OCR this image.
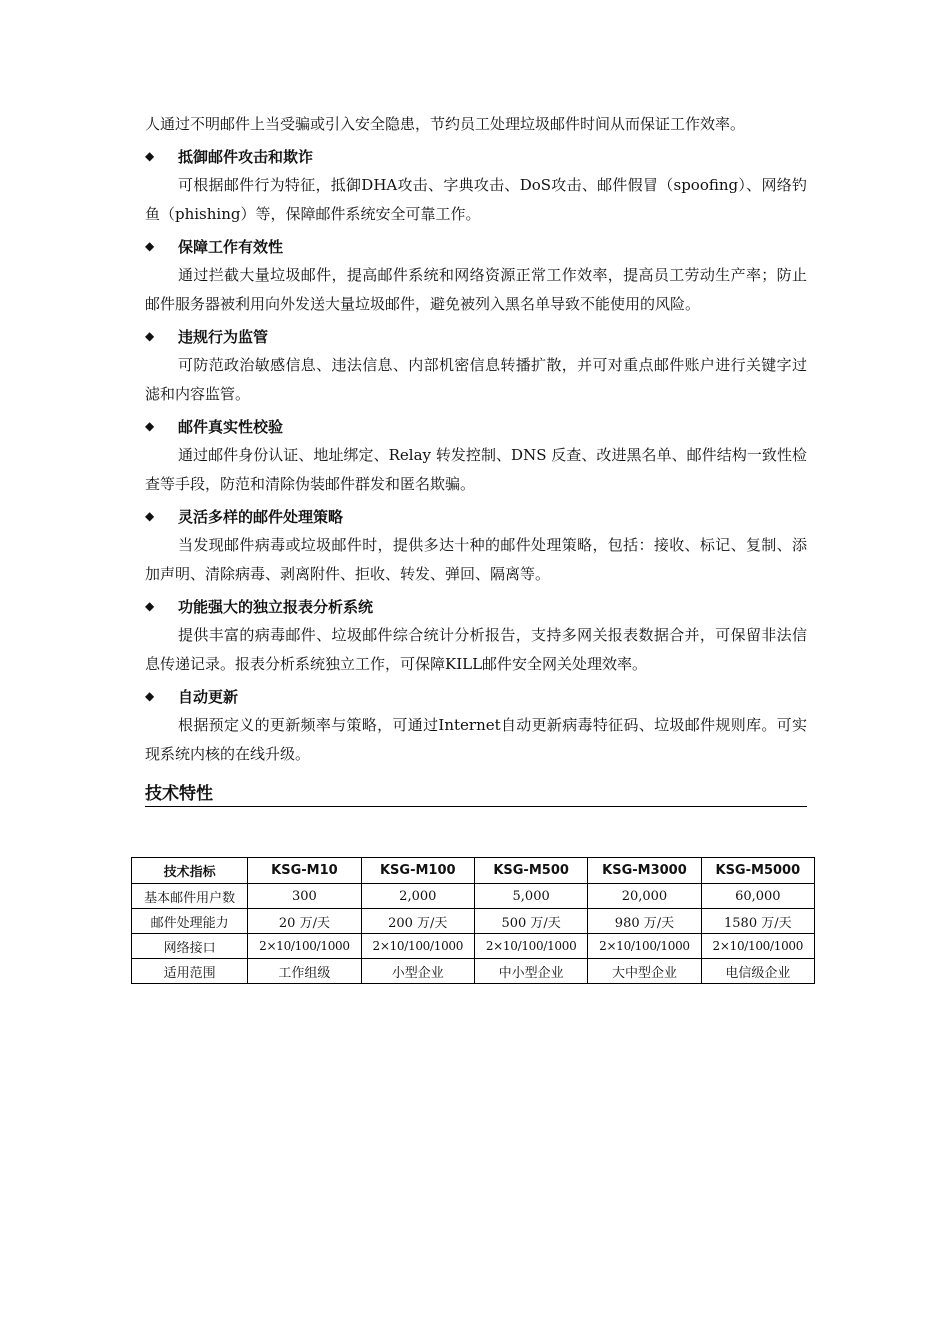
人通过不明邮件上当受骗或引入安全隐患，节约员工处理垃圾邮件时间从而保证工作效率。

◆	抵御邮件攻击和欺诈

可根据邮件行为特征，抵御DHA攻击、字典攻击、DoS攻击、邮件假冒（spoofing）、网络钓鱼（phishing）等，保障邮件系统安全可靠工作。

◆	保障工作有效性

通过拦截大量垃圾邮件，提高邮件系统和网络资源正常工作效率，提高员工劳动生产率；防止邮件服务器被利用向外发送大量垃圾邮件，避免被列入黑名单导致不能使用的风险。

◆	违规行为监管

可防范政治敏感信息、违法信息、内部机密信息转播扩散，并可对重点邮件账户进行关键字过滤和内容监管。

◆	邮件真实性校验

通过邮件身份认证、地址绑定、Relay 转发控制、DNS 反查、改进黑名单、邮件结构一致性检查等手段，防范和清除伪装邮件群发和匿名欺骗。

◆	灵活多样的邮件处理策略

当发现邮件病毒或垃圾邮件时，提供多达十种的邮件处理策略，包括：接收、标记、复制、添加声明、清除病毒、剥离附件、拒收、转发、弹回、隔离等。

◆	功能强大的独立报表分析系统

提供丰富的病毒邮件、垃圾邮件综合统计分析报告，支持多网关报表数据合并，可保留非法信息传递记录。报表分析系统独立工作，可保障KILL邮件安全网关处理效率。

◆	自动更新

根据预定义的更新频率与策略，可通过Internet自动更新病毒特征码、垃圾邮件规则库。可实现系统内核的在线升级。

技术特性
技术指标	KSG-M10	KSG-M100	KSG-M500	KSG-M3000	KSG-M5000
基本邮件用户数	300	2,000	5,000	20,000	60,000
邮件处理能力	20 万/天	200 万/天	500 万/天	980 万/天	1580 万/天
网络接口	2×10/100/1000	2×10/100/1000	2×10/100/1000	2×10/100/1000	2×10/100/1000
适用范围	工作组级	小型企业	中小型企业	大中型企业	电信级企业
